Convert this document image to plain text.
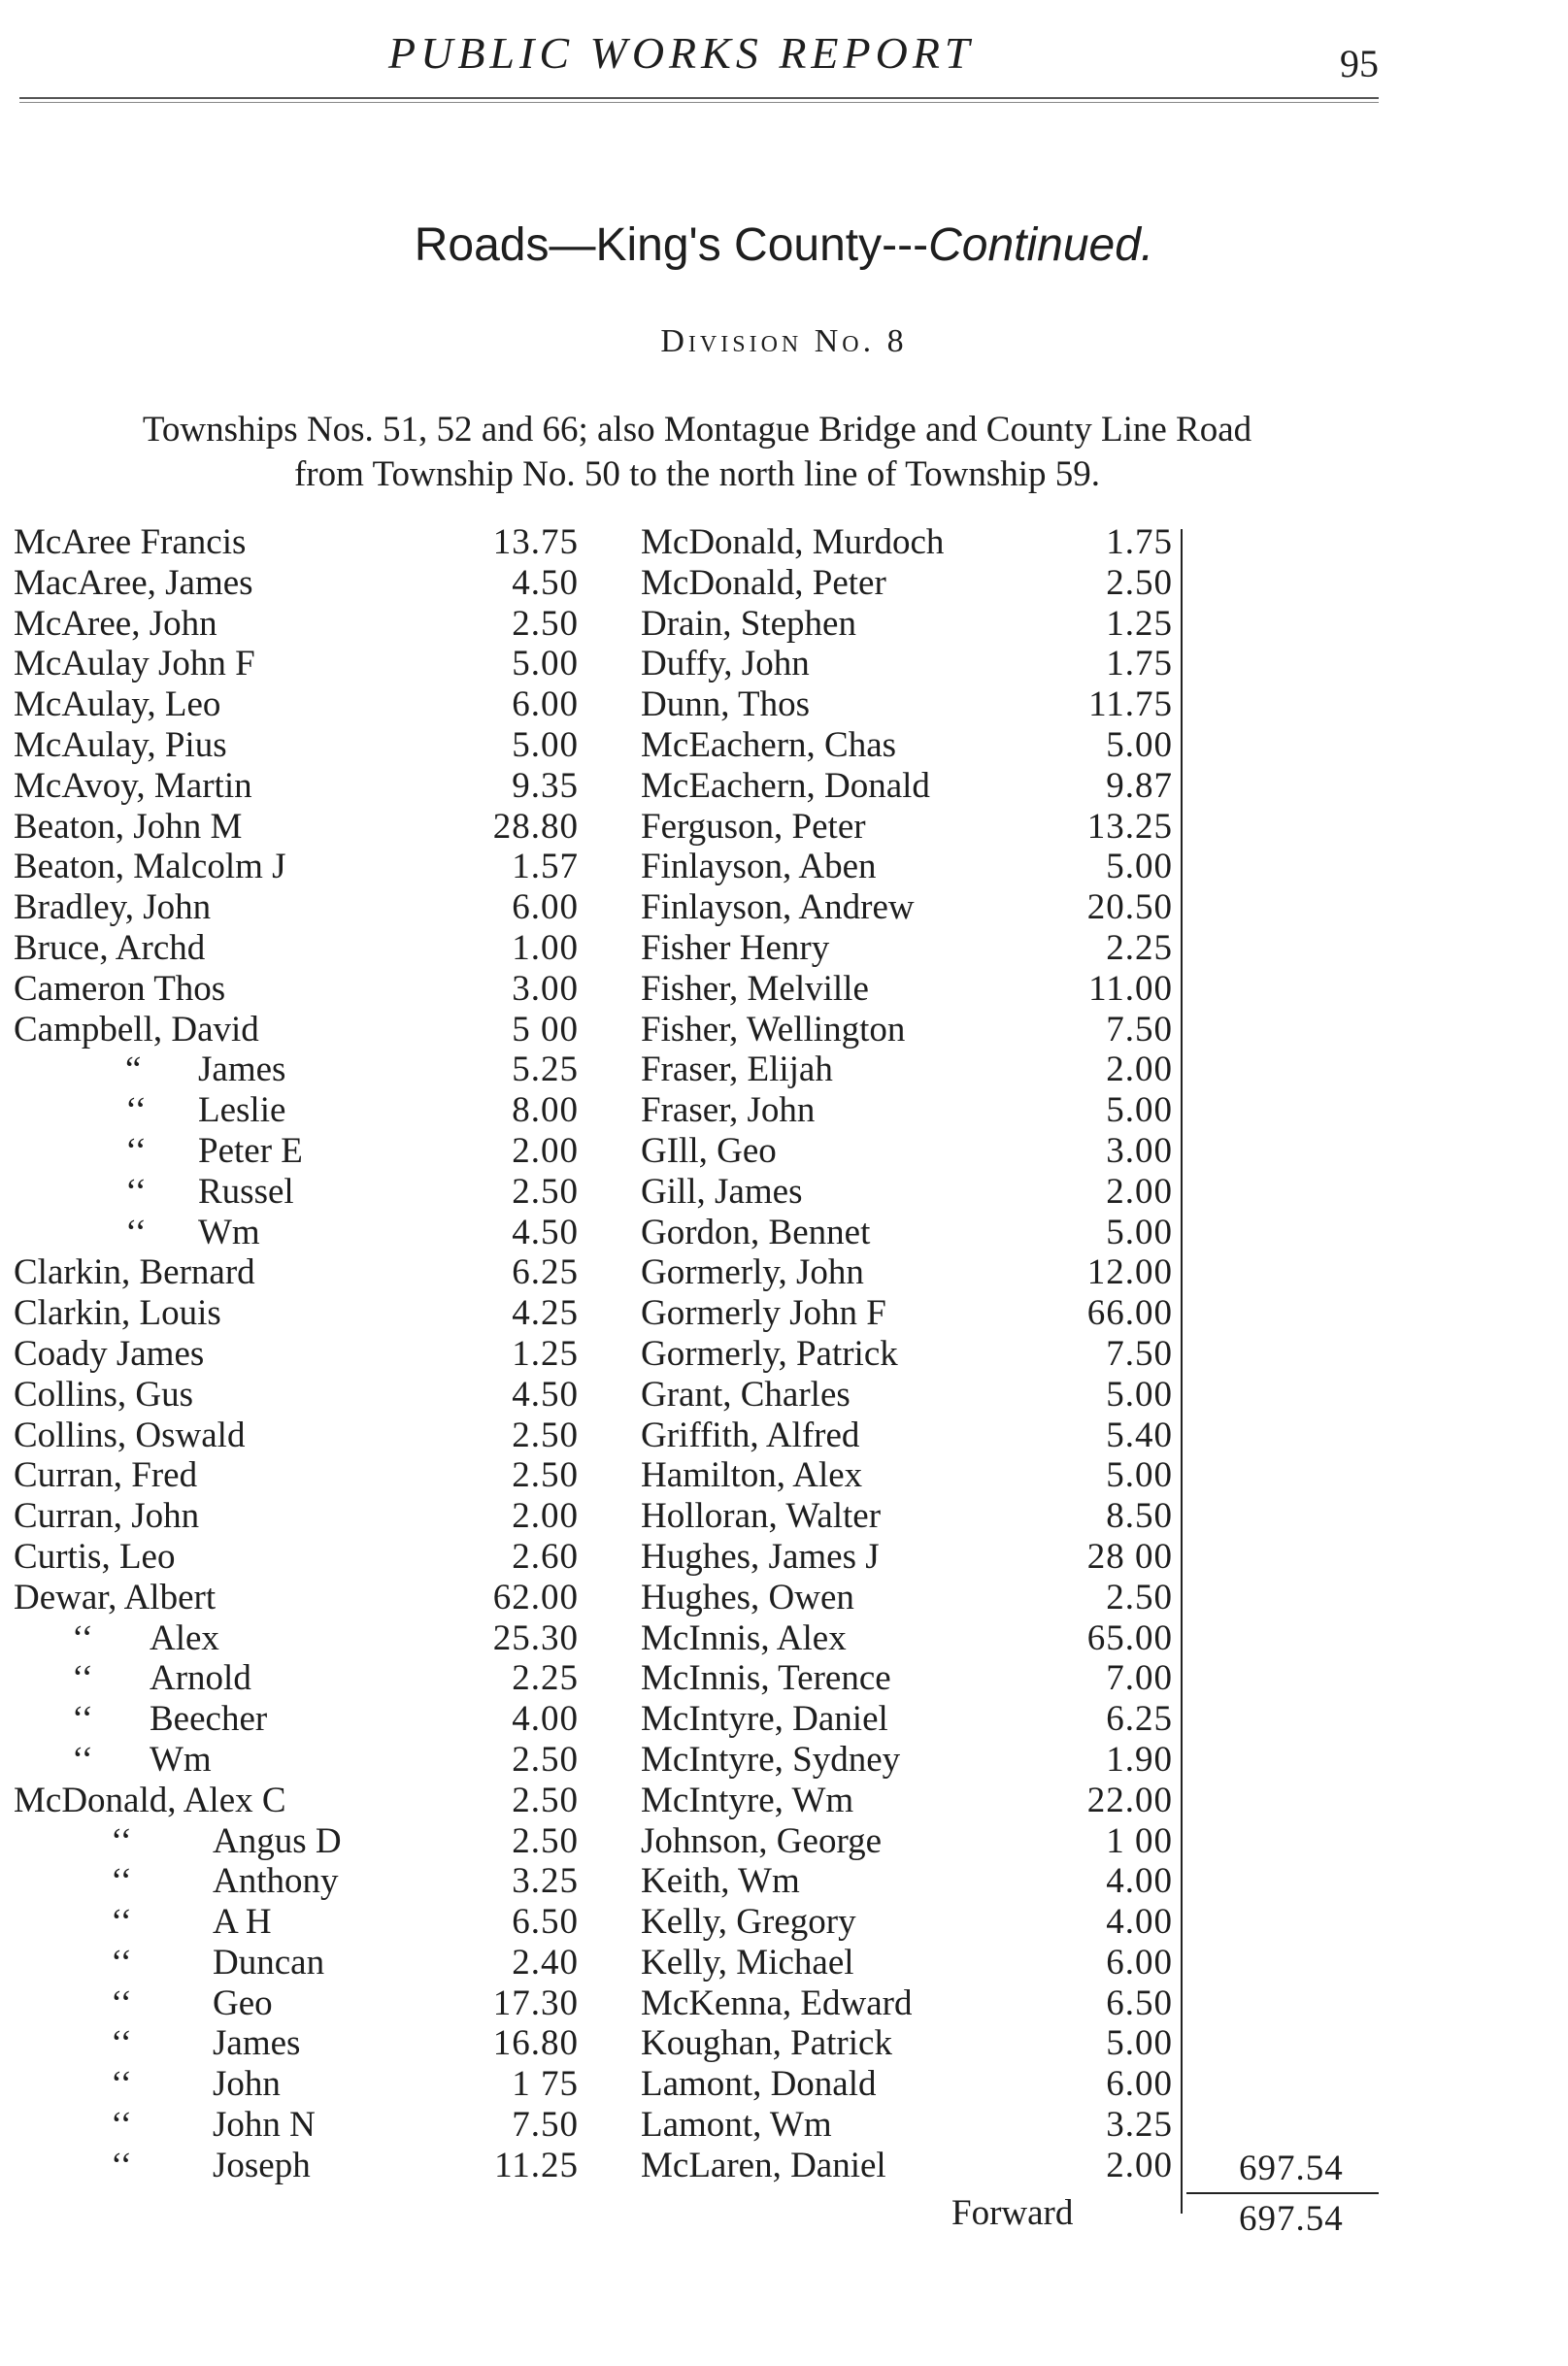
PUBLIC WORKS REPORT	95
Roads—King's County---Continued.
Division No. 8
Townships Nos. 51, 52 and 66; also Montague Bridge and County Line Road
from Township No. 50 to the north line of Township 59.
McAree Francis	13.75
MacAree, James	4.50
McAree, John	2.50
McAulay John F	5.00
McAulay, Leo	6.00
McAulay, Pius	5.00
McAvoy, Martin	9.35
Beaton, John M	28.80
Beaton, Malcolm J	1.57
Bradley, John	6.00
Bruce, Archd	1.00
Cameron Thos	3.00
Campbell, David	5 00
“ James	5.25
‘‘ Leslie	8.00
‘‘ Peter E	2.00
‘‘ Russel	2.50
‘‘ Wm	4.50
Clarkin, Bernard	6.25
Clarkin, Louis	4.25
Coady James	1.25
Collins, Gus	4.50
Collins, Oswald	2.50
Curran, Fred	2.50
Curran, John	2.00
Curtis, Leo	2.60
Dewar, Albert	62.00
‘‘ Alex	25.30
‘‘ Arnold	2.25
‘‘ Beecher	4.00
‘‘ Wm	2.50
McDonald, Alex C	2.50
‘‘ Angus D	2.50
‘‘ Anthony	3.25
‘‘ A H	6.50
‘‘ Duncan	2.40
‘‘ Geo	17.30
‘‘ James	16.80
‘‘ John	1 75
‘‘ John N	7.50
‘‘ Joseph	11.25
McDonald, Murdoch	1.75
McDonald, Peter	2.50
Drain, Stephen	1.25
Duffy, John	1.75
Dunn, Thos	11.75
McEachern, Chas	5.00
McEachern, Donald	9.87
Ferguson, Peter	13.25
Finlayson, Aben	5.00
Finlayson, Andrew	20.50
Fisher Henry	2.25
Fisher, Melville	11.00
Fisher, Wellington	7.50
Fraser, Elijah	2.00
Fraser, John	5.00
GIll, Geo	3.00
Gill, James	2.00
Gordon, Bennet	5.00
Gormerly, John	12.00
Gormerly John F	66.00
Gormerly, Patrick	7.50
Grant, Charles	5.00
Griffith, Alfred	5.40
Hamilton, Alex	5.00
Holloran, Walter	8.50
Hughes, James J	28 00
Hughes, Owen	2.50
McInnis, Alex	65.00
McInnis, Terence	7.00
McIntyre, Daniel	6.25
McIntyre, Sydney	1.90
McIntyre, Wm	22.00
Johnson, George	1 00
Keith, Wm	4.00
Kelly, Gregory	4.00
Kelly, Michael	6.00
McKenna, Edward	6.50
Koughan, Patrick	5.00
Lamont, Donald	6.00
Lamont, Wm	3.25
McLaren, Daniel	2.00 697.54
Forward	697.54
